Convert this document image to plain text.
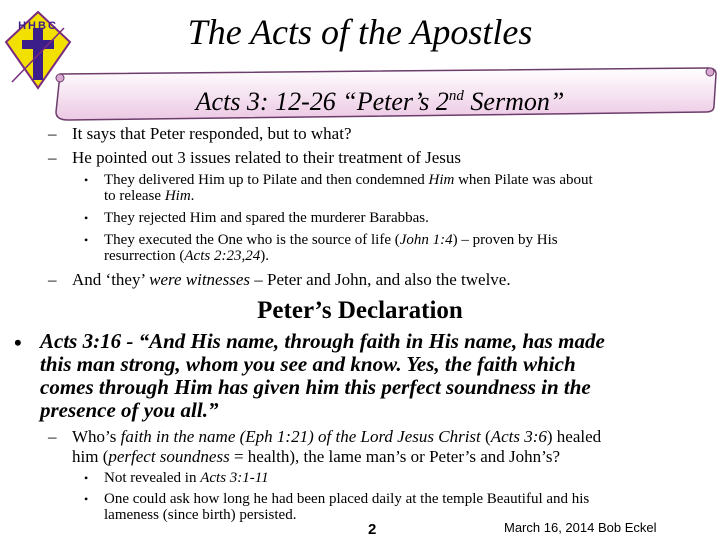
HHBC	The Acts of the Apostles
Acts 3: 12-26 “Peter’s 2nd Sermon”
– It says that Peter responded, but to what?
– He pointed out 3 issues related to their treatment of Jesus
• They delivered Him up to Pilate and then condemned Him when Pilate was about
to release Him.
• They rejected Him and spared the murderer Barabbas.
• They executed the One who is the source of life (John 1:4) – proven by His
resurrection (Acts 2:23,24).
– And ‘they’ were witnesses – Peter and John, and also the twelve.
Peter’s Declaration
• Acts 3:16 - “And His name, through faith in His name, has made
this man strong, whom you see and know. Yes, the faith which
comes through Him has given him this perfect soundness in the
presence of you all.”
– Who’s faith in the name (Eph 1:21) of the Lord Jesus Christ (Acts 3:6) healed
him (perfect soundness = health), the lame man’s or Peter’s and John’s?
• Not revealed in Acts 3:1-11
• One could ask how long he had been placed daily at the temple Beautiful and his
lameness (since birth) persisted.
2	March 16, 2014 Bob Eckel
